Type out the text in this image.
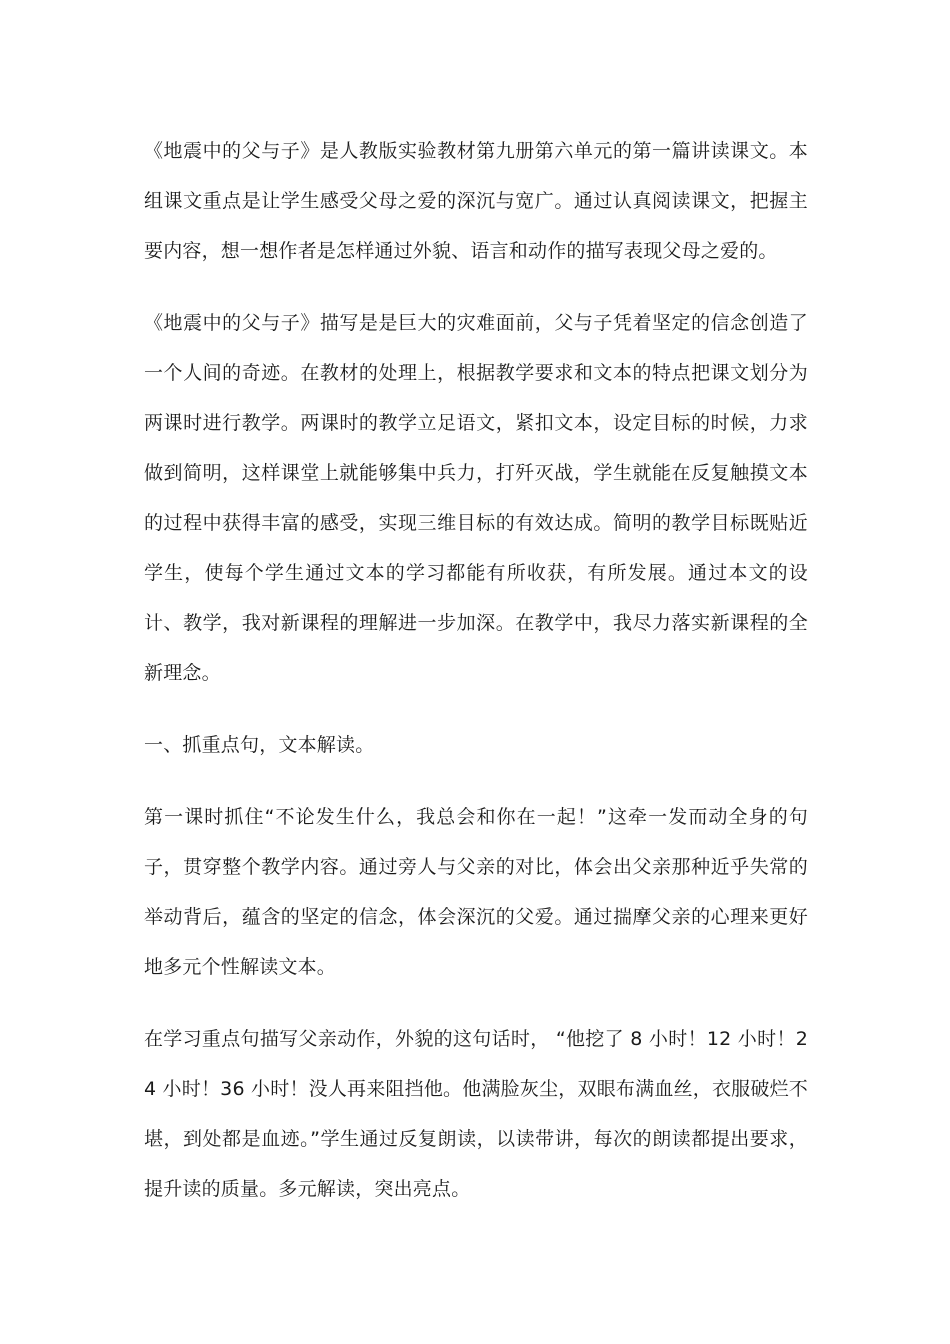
《地震中的父与子》是人教版实验教材第九册第六单元的第一篇讲读课文。本组课文重点是让学生感受父母之爱的深沉与宽广。通过认真阅读课文，把握主要内容，想一想作者是怎样通过外貌、语言和动作的描写表现父母之爱的。

《地震中的父与子》描写是是巨大的灾难面前，父与子凭着坚定的信念创造了一个人间的奇迹。在教材的处理上，根据教学要求和文本的特点把课文划分为两课时进行教学。两课时的教学立足语文，紧扣文本，设定目标的时候，力求做到简明，这样课堂上就能够集中兵力，打歼灭战，学生就能在反复触摸文本的过程中获得丰富的感受，实现三维目标的有效达成。简明的教学目标既贴近学生，使每个学生通过文本的学习都能有所收获，有所发展。通过本文的设计、教学，我对新课程的理解进一步加深。在教学中，我尽力落实新课程的全新理念。

一、抓重点句，文本解读。

第一课时抓住“不论发生什么，我总会和你在一起！”这牵一发而动全身的句子，贯穿整个教学内容。通过旁人与父亲的对比，体会出父亲那种近乎失常的举动背后，蕴含的坚定的信念，体会深沉的父爱。通过揣摩父亲的心理来更好地多元个性解读文本。

在学习重点句描写父亲动作，外貌的这句话时， “他挖了 8 小时！12 小时！24 小时！36 小时！没人再来阻挡他。他满脸灰尘，双眼布满血丝，衣服破烂不堪，到处都是血迹。”学生通过反复朗读，以读带讲，每次的朗读都提出要求，提升读的质量。多元解读，突出亮点。
